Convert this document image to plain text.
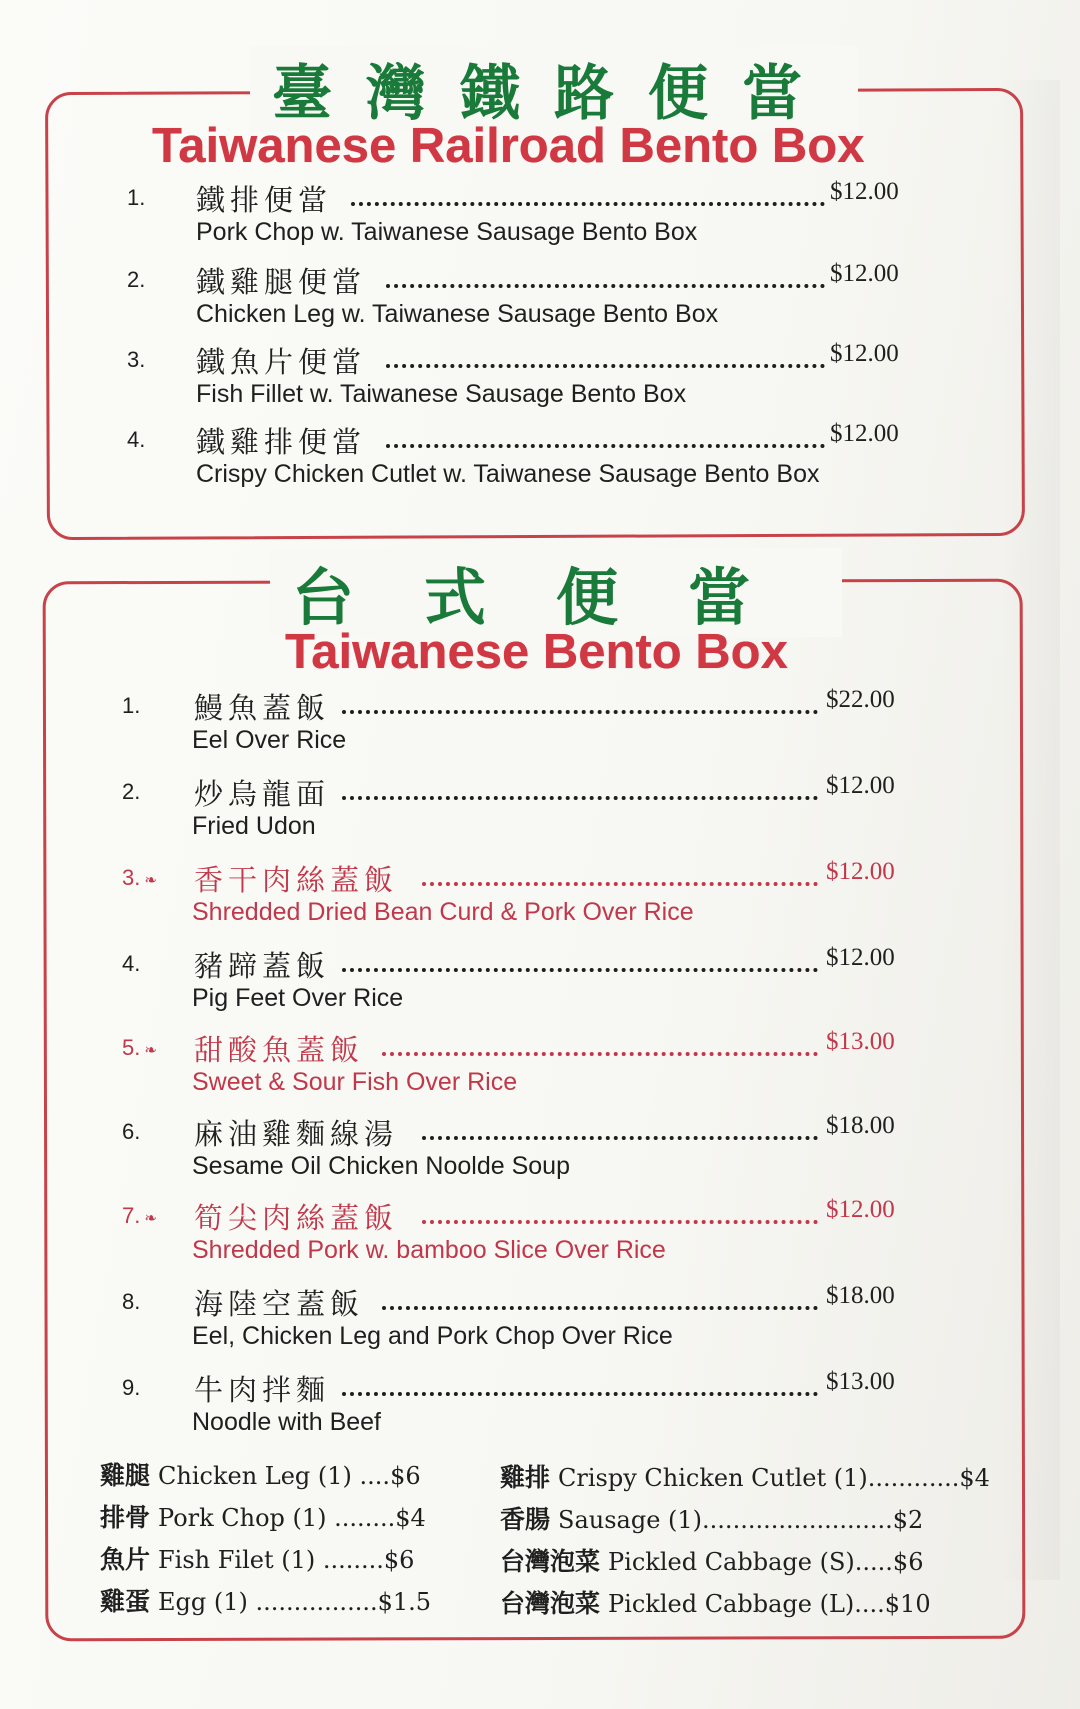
臺灣鐵路便當
Taiwanese Railroad Bento Box
1. 鐵排便當	$12.00
Pork Chop w. Taiwanese Sausage Bento Box
2. 鐵雞腿便當	$12.00
Chicken Leg w. Taiwanese Sausage Bento Box
3. 鐵魚片便當	$12.00
Fish Fillet w. Taiwanese Sausage Bento Box
4. 鐵雞排便當	$12.00
Crispy Chicken Cutlet w. Taiwanese Sausage Bento Box
台式便當
Taiwanese Bento Box
1. 鰻魚蓋飯	$22.00
Eel Over Rice
2. 炒烏龍面	$12.00
Fried Udon
3. ❧ 香干肉絲蓋飯	$12.00
Shredded Dried Bean Curd & Pork Over Rice
4. 豬蹄蓋飯	$12.00
Pig Feet Over Rice
5. ❧ 甜酸魚蓋飯	$13.00
Sweet & Sour Fish Over Rice
6. 麻油雞麵線湯	$18.00
Sesame Oil Chicken Noolde Soup
7. ❧ 筍尖肉絲蓋飯	$12.00
Shredded Pork w. bamboo Slice Over Rice
8. 海陸空蓋飯	$18.00
Eel, Chicken Leg and Pork Chop Over Rice
9. 牛肉拌麵	$13.00
Noodle with Beef
雞腿 Chicken Leg (1) ....$6
排骨 Pork Chop (1) ........$4
魚片 Fish Filet (1) ........$6
雞蛋 Egg (1) ................$1.5
雞排 Crispy Chicken Cutlet (1)............$4
香腸 Sausage (1).........................$2
台灣泡菜 Pickled Cabbage (S).....$6
台灣泡菜 Pickled Cabbage (L)....$10
